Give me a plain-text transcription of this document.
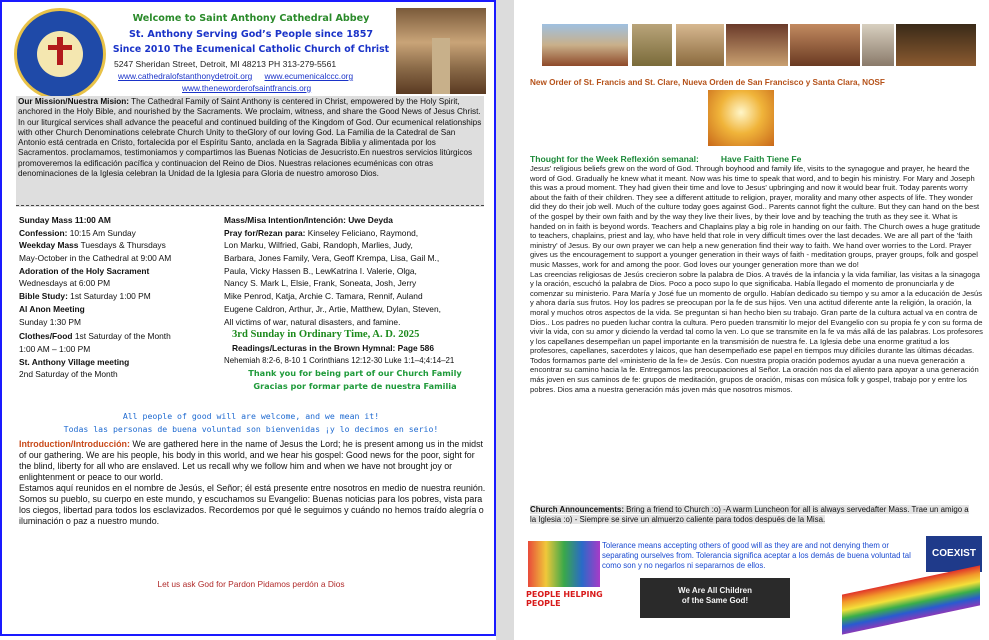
Welcome to Saint Anthony Cathedral Abbey
St. Anthony Serving God’s People since 1857
Since 2010 The Ecumenical Catholic Church of Christ
5247 Sheridan Street, Detroit, MI 48213 PH 313-279-5561
www.cathedralofstanthonydetroit.org www.ecumenicalccc.org
www.theneworderofsaintfrancis.org
Our Mission/Nuestra Mision: The Cathedral Family of Saint Anthony is centered in Christ, empowered by the Holy Spirit, anchored in the Holy Bible, and nourished by the Sacraments. We proclaim, witness, and share the Good News of Jesus Christ. In our liturgical services shall advance the peaceful and continued building of the Kingdom of God. Our ecumenical relationships with other Church Denominations celebrate Church Unity to theGlory of our loving God. La Familia de la Catedral de San Antonio está centrada en Cristo, fortalecida por el Espíritu Santo, anclada en la Sagrada Biblia y alimentada por los Sacramentos. proclamamos, testimoniamos y compartimos las Buenas Noticias de Jesucristo.En nuestros servicios litúrgicos promoveremos la edificación pacífica y continuacion del Reino de Dios. Nuestras relaciones ecuménicas con otras denominaciones de la Iglesia celebran la Unidad de la Iglesia para Gloria de nuestro amoroso Dios.
Sunday Mass 11:00 AM
Confession: 10:15 Am Sunday
Weekday Mass Tuesdays & Thursdays
May-October in the Cathedral at 9:00 AM
Adoration of the Holy Sacrament
Wednesdays at 6:00 PM
Bible Study: 1st Saturday 1:00 PM
Al Anon Meeting
Sunday 1:30 PM
Clothes/Food 1st Saturday of the Month
1:00 AM – 1:00 PM
St. Anthony Village meeting
2nd Saturday of the Month
Mass/Misa Intention/Intención: Uwe Deyda
Pray for/Rezan para: Kinseley Feliciano, Raymond,
Lon Marku, Wilfried, Gabi, Randoph, Marlies, Judy,
Barbara, Jones Family, Vera, Geoff Krempa, Lisa, Gail M.,
Paula, Vicky Hassen B., LewKatrina I. Valerie, Olga,
Nancy S. Mark L, Elsie, Frank, Soneata, Josh, Jerry
Mike Penrod, Katja, Archie C. Tamara, Rennif, Auland
Eugene Caldron, Arthur, Jr., Artie, Matthew, Dylan, Steven,
All victims of war, natural disasters, and famine.
3rd Sunday in Ordinary Time, A. D. 2025
Readings/Lecturas in the Brown Hymnal: Page 586
Nehemiah 8:2-6, 8-10 1 Corinthians 12:12-30 Luke 1:1–4;4:14–21
Thank you for being part of our Church Family
Gracias por formar parte de nuestra Familia
All people of good will are welcome, and we mean it!
Todas las personas de buena voluntad son bienvenidas ¡y lo decimos en serio!
Introduction/Introducción: We are gathered here in the name of Jesus the Lord; he is present among us in the midst of our gathering. We are his people, his body in this world, and we hear his gospel: Good news for the poor, sight for the blind, liberty for all who are enslaved. Let us recall why we follow him and when we have not brought joy or enlightenment or peace to our world.
Estamos aquí reunidos en el nombre de Jesús, el Señor; él está presente entre nosotros en medio de nuestra reunión. Somos su pueblo, su cuerpo en este mundo, y escuchamos su Evangelio: Buenas noticias para los pobres, vista para los ciegos, libertad para todos los esclavizados. Recordemos por qué le seguimos y cuándo no hemos traído alegría o iluminación o paz a nuestro mundo.
Let us ask God for Pardon Pidamos perdón a Dios
New Order of St. Francis and St. Clare, Nueva Orden de San Francisco y Santa Clara, NOSF
Thought for the Week Reflexión semanal:	Have Faith Tiene Fe
Jesus' religious beliefs grew on the word of God. Through boyhood and family life, visits to the synagogue and prayer, he heard the word of God. Gradually he knew what it meant. Now was his time to speak that word, and to begin his ministry. For Mary and Joseph this was a proud moment. They had given their time and love to Jesus' upbringing and now it would bear fruit. Today parents worry about the faith of their children. They see a different attitude to religion, prayer, morality and many other aspects of life. They wonder did they do their job well. Much of the culture today goes against God.. Parents cannot fight the culture. But they can hand on the best of the gospel by their own faith and by the way they live their lives, by their love and by teaching the truth as they see it. What is handed on in faith is beyond words. Teachers and Chaplains play a big role in handing on our faith. The Church owes a huge gratitude to teachers, chaplains, priest and lay, who have held that role in very difficult times over the last decades. We are all part of the 'faith ministry' of Jesus. By our own prayer we can help a new generation find their way to faith. We hand over worries to the Lord. Prayer gives us the encouragement to support a younger generation in their ways of faith - meditation groups, prayer groups, folk and gospel music Masses, work for and among the poor. God loves our younger generation more than we do!
Las creencias religiosas de Jesús crecieron sobre la palabra de Dios. A través de la infancia y la vida familiar, las visitas a la sinagoga y la oración, escuchó la palabra de Dios. Poco a poco supo lo que significaba. Había llegado el momento de pronunciarla y de comenzar su ministerio. Para María y José fue un momento de orgullo. Habían dedicado su tiempo y su amor a la educación de Jesús y ahora daría sus frutos. Hoy los padres se preocupan por la fe de sus hijos. Ven una actitud diferente ante la religión, la oración, la moral y muchos otros aspectos de la vida. Se preguntan si han hecho bien su trabajo. Gran parte de la cultura actual va en contra de Dios.. Los padres no pueden luchar contra la cultura. Pero pueden transmitir lo mejor del Evangelio con su propia fe y con su forma de vivir la vida, con su amor y diciendo la verdad tal como la ven. Lo que se transmite en la fe va más allá de las palabras. Los profesores y los capellanes desempeñan un papel importante en la transmisión de nuestra fe. La Iglesia debe una enorme gratitud a los profesores, capellanes, sacerdotes y laicos, que han desempeñado ese papel en tiempos muy difíciles durante las últimas décadas. Todos formamos parte del «ministerio de la fe» de Jesús. Con nuestra propia oración podemos ayudar a una nueva generación a encontrar su camino hacia la fe. Entregamos las preocupaciones al Señor. La oración nos da el aliento para apoyar a una generación más joven en sus caminos de fe: grupos de meditación, grupos de oración, misas con música folk y gospel, trabajo por y entre los pobres. Dios ama a nuestra generación más joven más que nosotros mismos.
Church Announcements: Bring a friend to Church :o) -A warm Luncheon for all is always servedafter Mass. Trae un amigo a la Iglesia :o) - Siempre se sirve un almuerzo caliente para todos después de la Misa.
Tolerance means accepting others of good will as they are and not denying them or separating ourselves from. Tolerancia significa aceptar a los demás de buena voluntad tal como son y no negarlos ni separarnos de ellos.
COEXIST
PEOPLE HELPING PEOPLE
We Are All Children
of the Same God!
